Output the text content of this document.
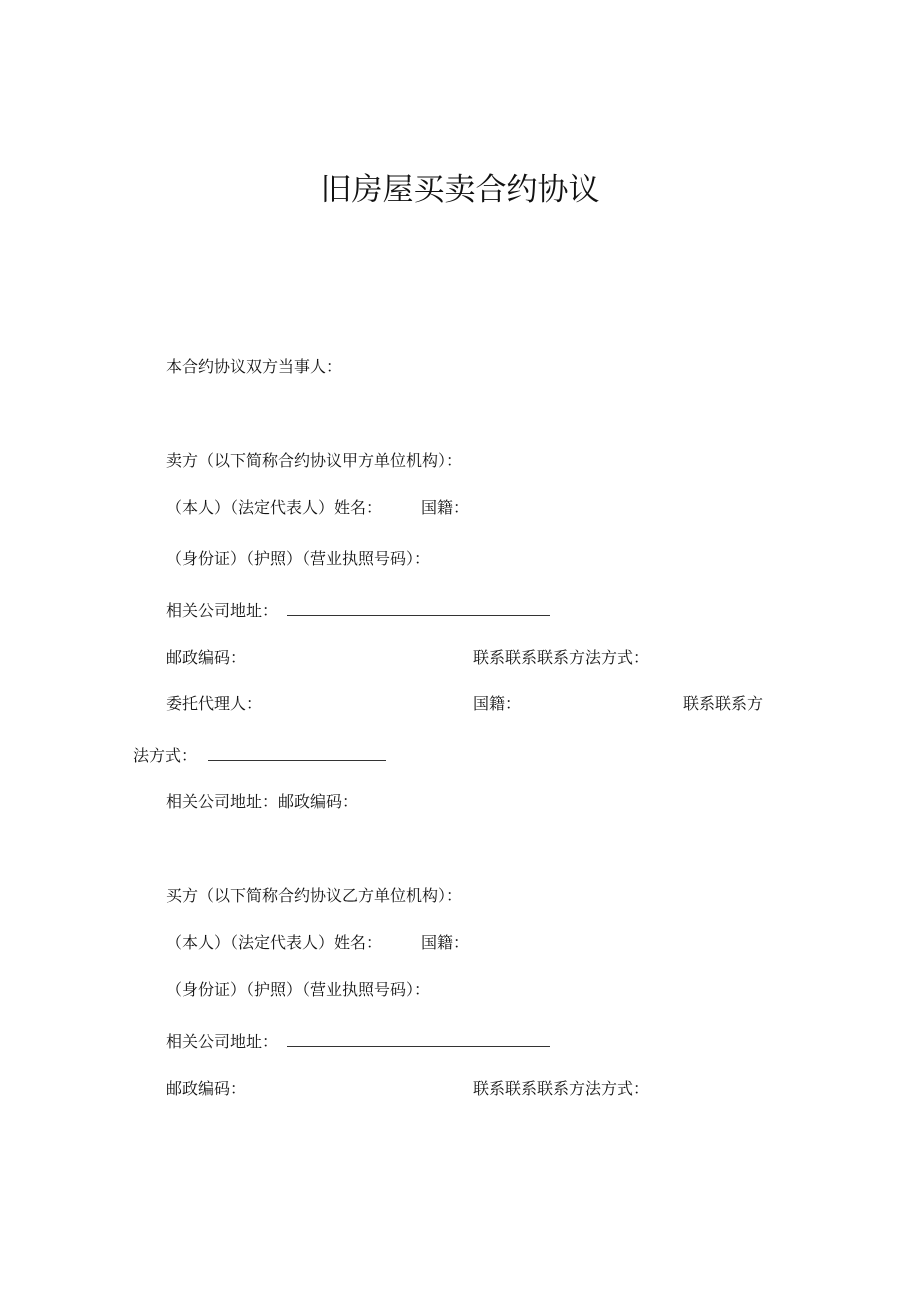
旧房屋买卖合约协议
本合约协议双方当事人：
卖方（以下简称合约协议甲方单位机构）：
（本人）（法定代表人）姓名： 国籍：
（身份证）（护照）（营业执照号码）：
相关公司地址：
邮政编码：	联系联系联系方法方式：
委托代理人：	国籍：	联系联系方
法方式：
相关公司地址：邮政编码：
买方（以下简称合约协议乙方单位机构）：
（本人）（法定代表人）姓名： 国籍：
（身份证）（护照）（营业执照号码）：
相关公司地址：
邮政编码：	联系联系联系方法方式：
